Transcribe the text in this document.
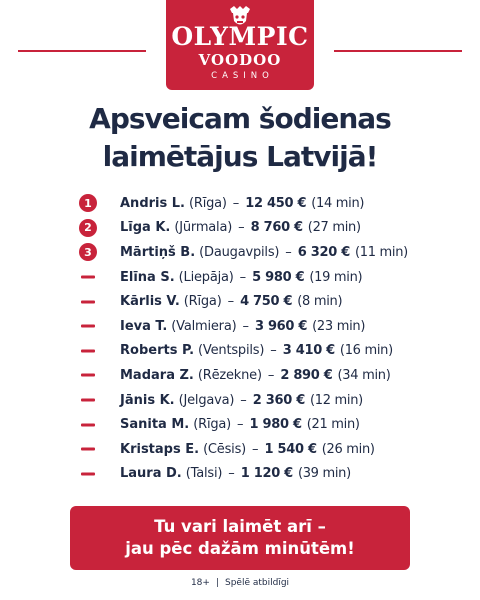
OLYMPIC
VOODOO
CASINO
Apsveicam šodienas
laimētājus Latvijā!
1	Andris L. (Rīga) – 12 450 € (14 min)
2	Līga K. (Jūrmala) – 8 760 € (27 min)
3	Mārtiņš B. (Daugavpils) – 6 320 € (11 min)
Elīna S. (Liepāja) – 5 980 € (19 min)
Kārlis V. (Rīga) – 4 750 € (8 min)
Ieva T. (Valmiera) – 3 960 € (23 min)
Roberts P. (Ventspils) – 3 410 € (16 min)
Madara Z. (Rēzekne) – 2 890 € (34 min)
Jānis K. (Jelgava) – 2 360 € (12 min)
Sanita M. (Rīga) – 1 980 € (21 min)
Kristaps E. (Cēsis) – 1 540 € (26 min)
Laura D. (Talsi) – 1 120 € (39 min)
Tu vari laimēt arī –
jau pēc dažām minūtēm!
18+ | Spēlē atbildīgi
